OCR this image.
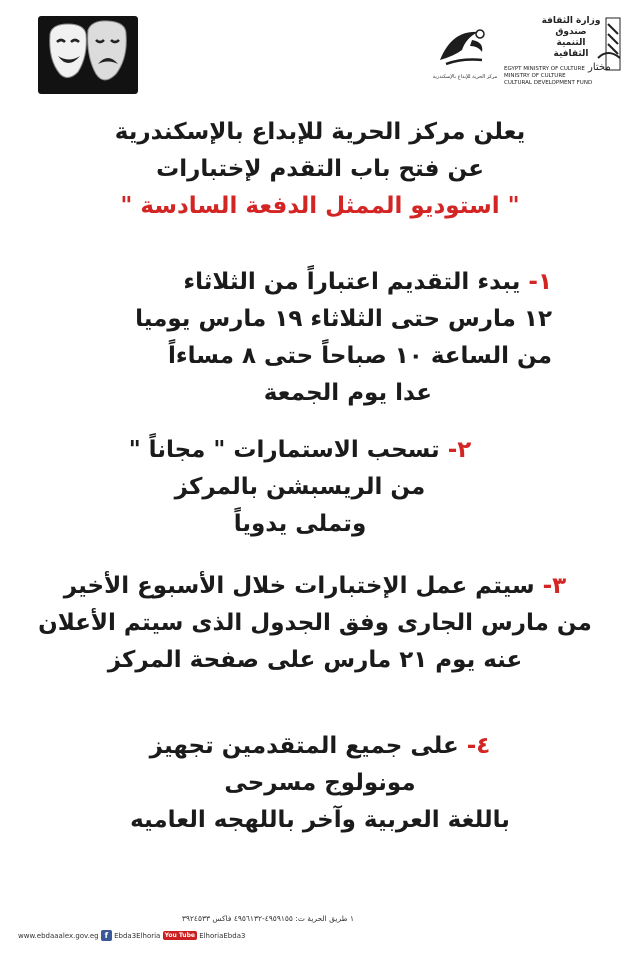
مركز الحرية للإبداع بالإسكندرية
وزارة الثقافة صندوق التنمية الثقافية
EGYPT MINISTRY OF CULTURE
MINISTRY OF CULTURE
CULTURAL DEVELOPMENT FUND
مختار
يعلن مركز الحرية للإبداع بالإسكندرية
عن فتح باب التقدم لإختبارات
" استوديو الممثل الدفعة السادسة "
١- يبدء التقديم اعتباراً من الثلاثاء
١٢ مارس حتى الثلاثاء ١٩ مارس يوميا
من الساعة ١٠ صباحاً حتى ٨ مساءاً
عدا يوم الجمعة
٢- تسحب الاستمارات " مجاناً "
من الريسبشن بالمركز
وتملى يدوياً
٣- سيتم عمل الإختبارات خلال الأسبوع الأخير
من مارس الجارى وفق الجدول الذى سيتم الأعلان
عنه يوم ٢١ مارس على صفحة المركز
٤- على جميع المتقدمين تجهيز
مونولوج مسرحى
باللغة العربية وآخر باللهجه العاميه
١ طريق الحرية ت: ٤٩٥٩١٥٥-٤٩٥٦١٣٢ فاكس ٣٩٢٤٥٣٣
www.ebdaaalex.gov.eg f Ebda3Elhoria You Tube ElhoriaEbda3
